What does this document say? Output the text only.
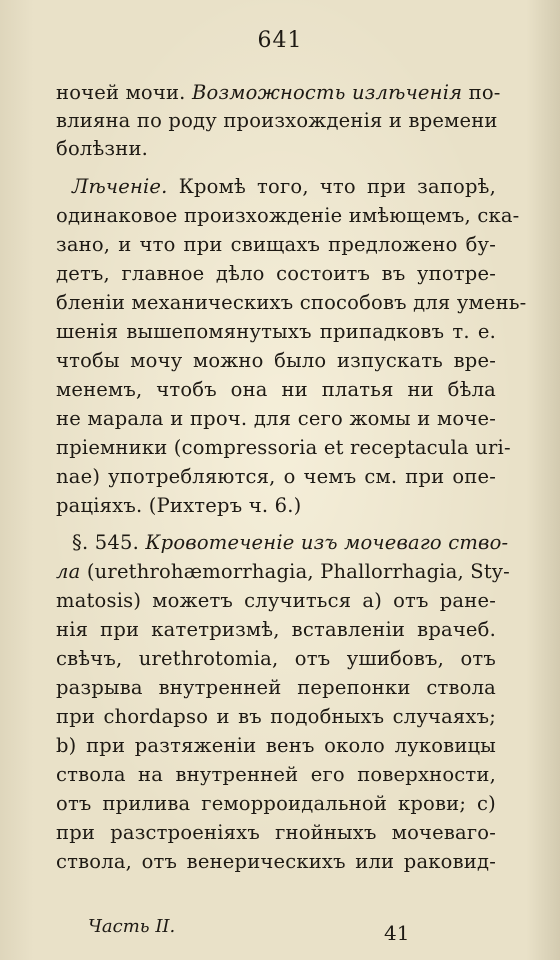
641
ночей мочи. Возможность излѣченія по-
влияна по роду произхожденія и времени
болѣзни.
Лѣченіе. Кромѣ того, что при запорѣ,
одинаковое произхожденіе имѣющемъ, ска-
зано, и что при свищахъ предложено бу-
детъ, главное дѣло состоитъ въ употре-
бленіи механическихъ способовъ для умень-
шенія вышепомянутыхъ припадковъ т. е.
чтобы мочу можно было изпускать вре-
менемъ, чтобъ она ни платья ни бѣла
не марала и проч. для сего жомы и моче-
пріемники (compressoria et receptacula uri-
nae) употребляются, о чемъ см. при опе-
раціяхъ. (Рихтеръ ч. 6.)
§. 545. Кровотеченіе изъ мочеваго ство-
ла (urethrohæmorrhagia, Phallorrhagia, Sty-
matosis) можетъ случиться а) отъ ране-
нія при катетризмѣ, вставленіи врачеб.
свѣчъ, urethrotomia, отъ ушибовъ, отъ
разрыва внутренней перепонки ствола
при chordapso и въ подобныхъ случаяхъ;
b) при разтяженіи венъ около луковицы
ствола на внутренней его поверхности,
отъ прилива геморроидальной крови; с)
при разстроеніяхъ гнойныхъ мочеваго-
ствола, отъ венерическихъ или раковид-
Часть II.	41
